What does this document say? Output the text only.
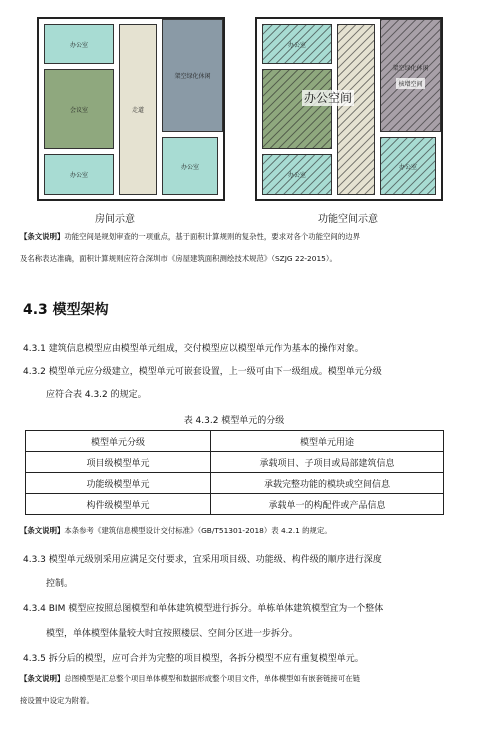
办公室
会议室
办公室
走道
架空绿化休闲
办公室
房间示意
办公室
办公室
架空绿化休闲
核增空间
办公室
办公空间
功能空间示意
【条文说明】功能空间是规划审查的一项重点，基于面积计算规则的复杂性，要求对各个功能空间的边界
及名称表达准确，面积计算规则应符合深圳市《房屋建筑面积测绘技术规范》（SZJG 22-2015）。
4.3 模型架构
4.3.1 建筑信息模型应由模型单元组成，交付模型应以模型单元作为基本的操作对象。
4.3.2 模型单元应分级建立，模型单元可嵌套设置，上一级可由下一级组成。模型单元分级
应符合表 4.3.2 的规定。
表 4.3.2 模型单元的分级
模型单元分级	模型单元用途
项目级模型单元	承载项目、子项目或局部建筑信息
功能级模型单元	承载完整功能的模块或空间信息
构件级模型单元	承载单一的构配件或产品信息
【条文说明】本条参考《建筑信息模型设计交付标准》（GB/T51301-2018）表 4.2.1 的规定。
4.3.3 模型单元级别采用应满足交付要求，宜采用项目级、功能级、构件级的顺序进行深度
控制。
4.3.4 BIM 模型应按照总图模型和单体建筑模型进行拆分。单栋单体建筑模型宜为一个整体
模型，单体模型体量较大时宜按照楼层、空间分区进一步拆分。
4.3.5 拆分后的模型，应可合并为完整的项目模型，各拆分模型不应有重复模型单元。
【条文说明】总图模型是汇总整个项目单体模型和数据形成整个项目文件，单体模型如有嵌套链接可在链
接设置中设定为附着。
